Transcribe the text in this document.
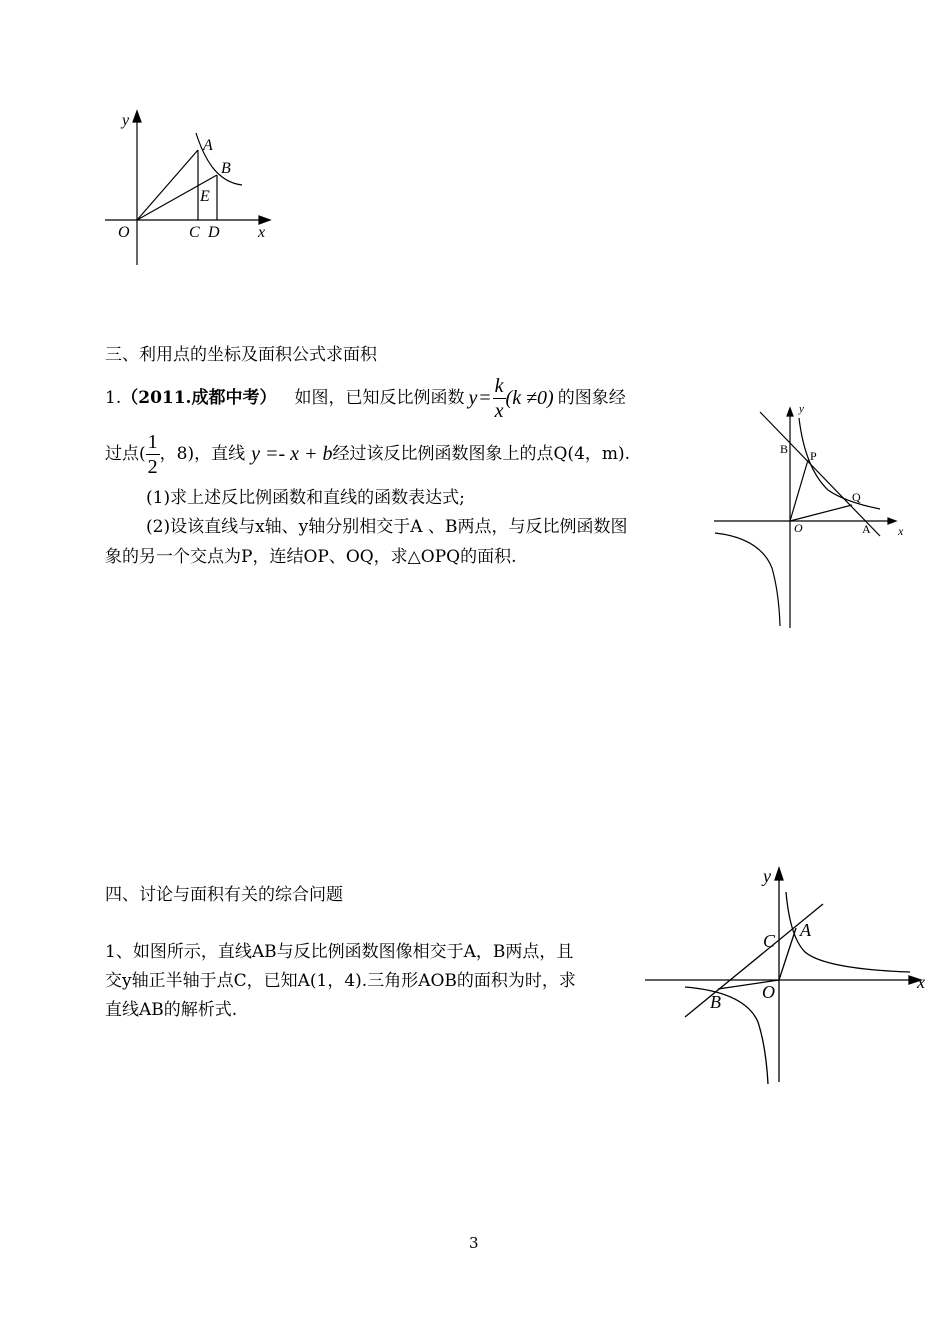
y
A
B
E
O	C D x
三、利用点的坐标及面积公式求面积
1. （2011.成都中考） 如图，已知反比例函数 $y = \frac{k}{x} (k \ne 0)$ 的图象经
过点( $\frac{1}{2}$ ，8)，直线 y =- x + b 经过该反比例函数图象上的点Q(4，m).
(1)求上述反比例函数和直线的函数表达式;
(2)设该直线与x轴、y轴分别相交于A 、B两点，与反比例函数图
象的另一个交点为P，连结OP、OQ，求△OPQ的面积.
y
B P
Q
O	A x
四、讨论与面积有关的综合问题
1、如图所示，直线AB与反比例函数图像相交于A，B两点，且
交y轴正半轴于点C，已知A(1，4).三角形AOB的面积为时，求
直线AB的解析式.
y
C
A
O
B
x
3
